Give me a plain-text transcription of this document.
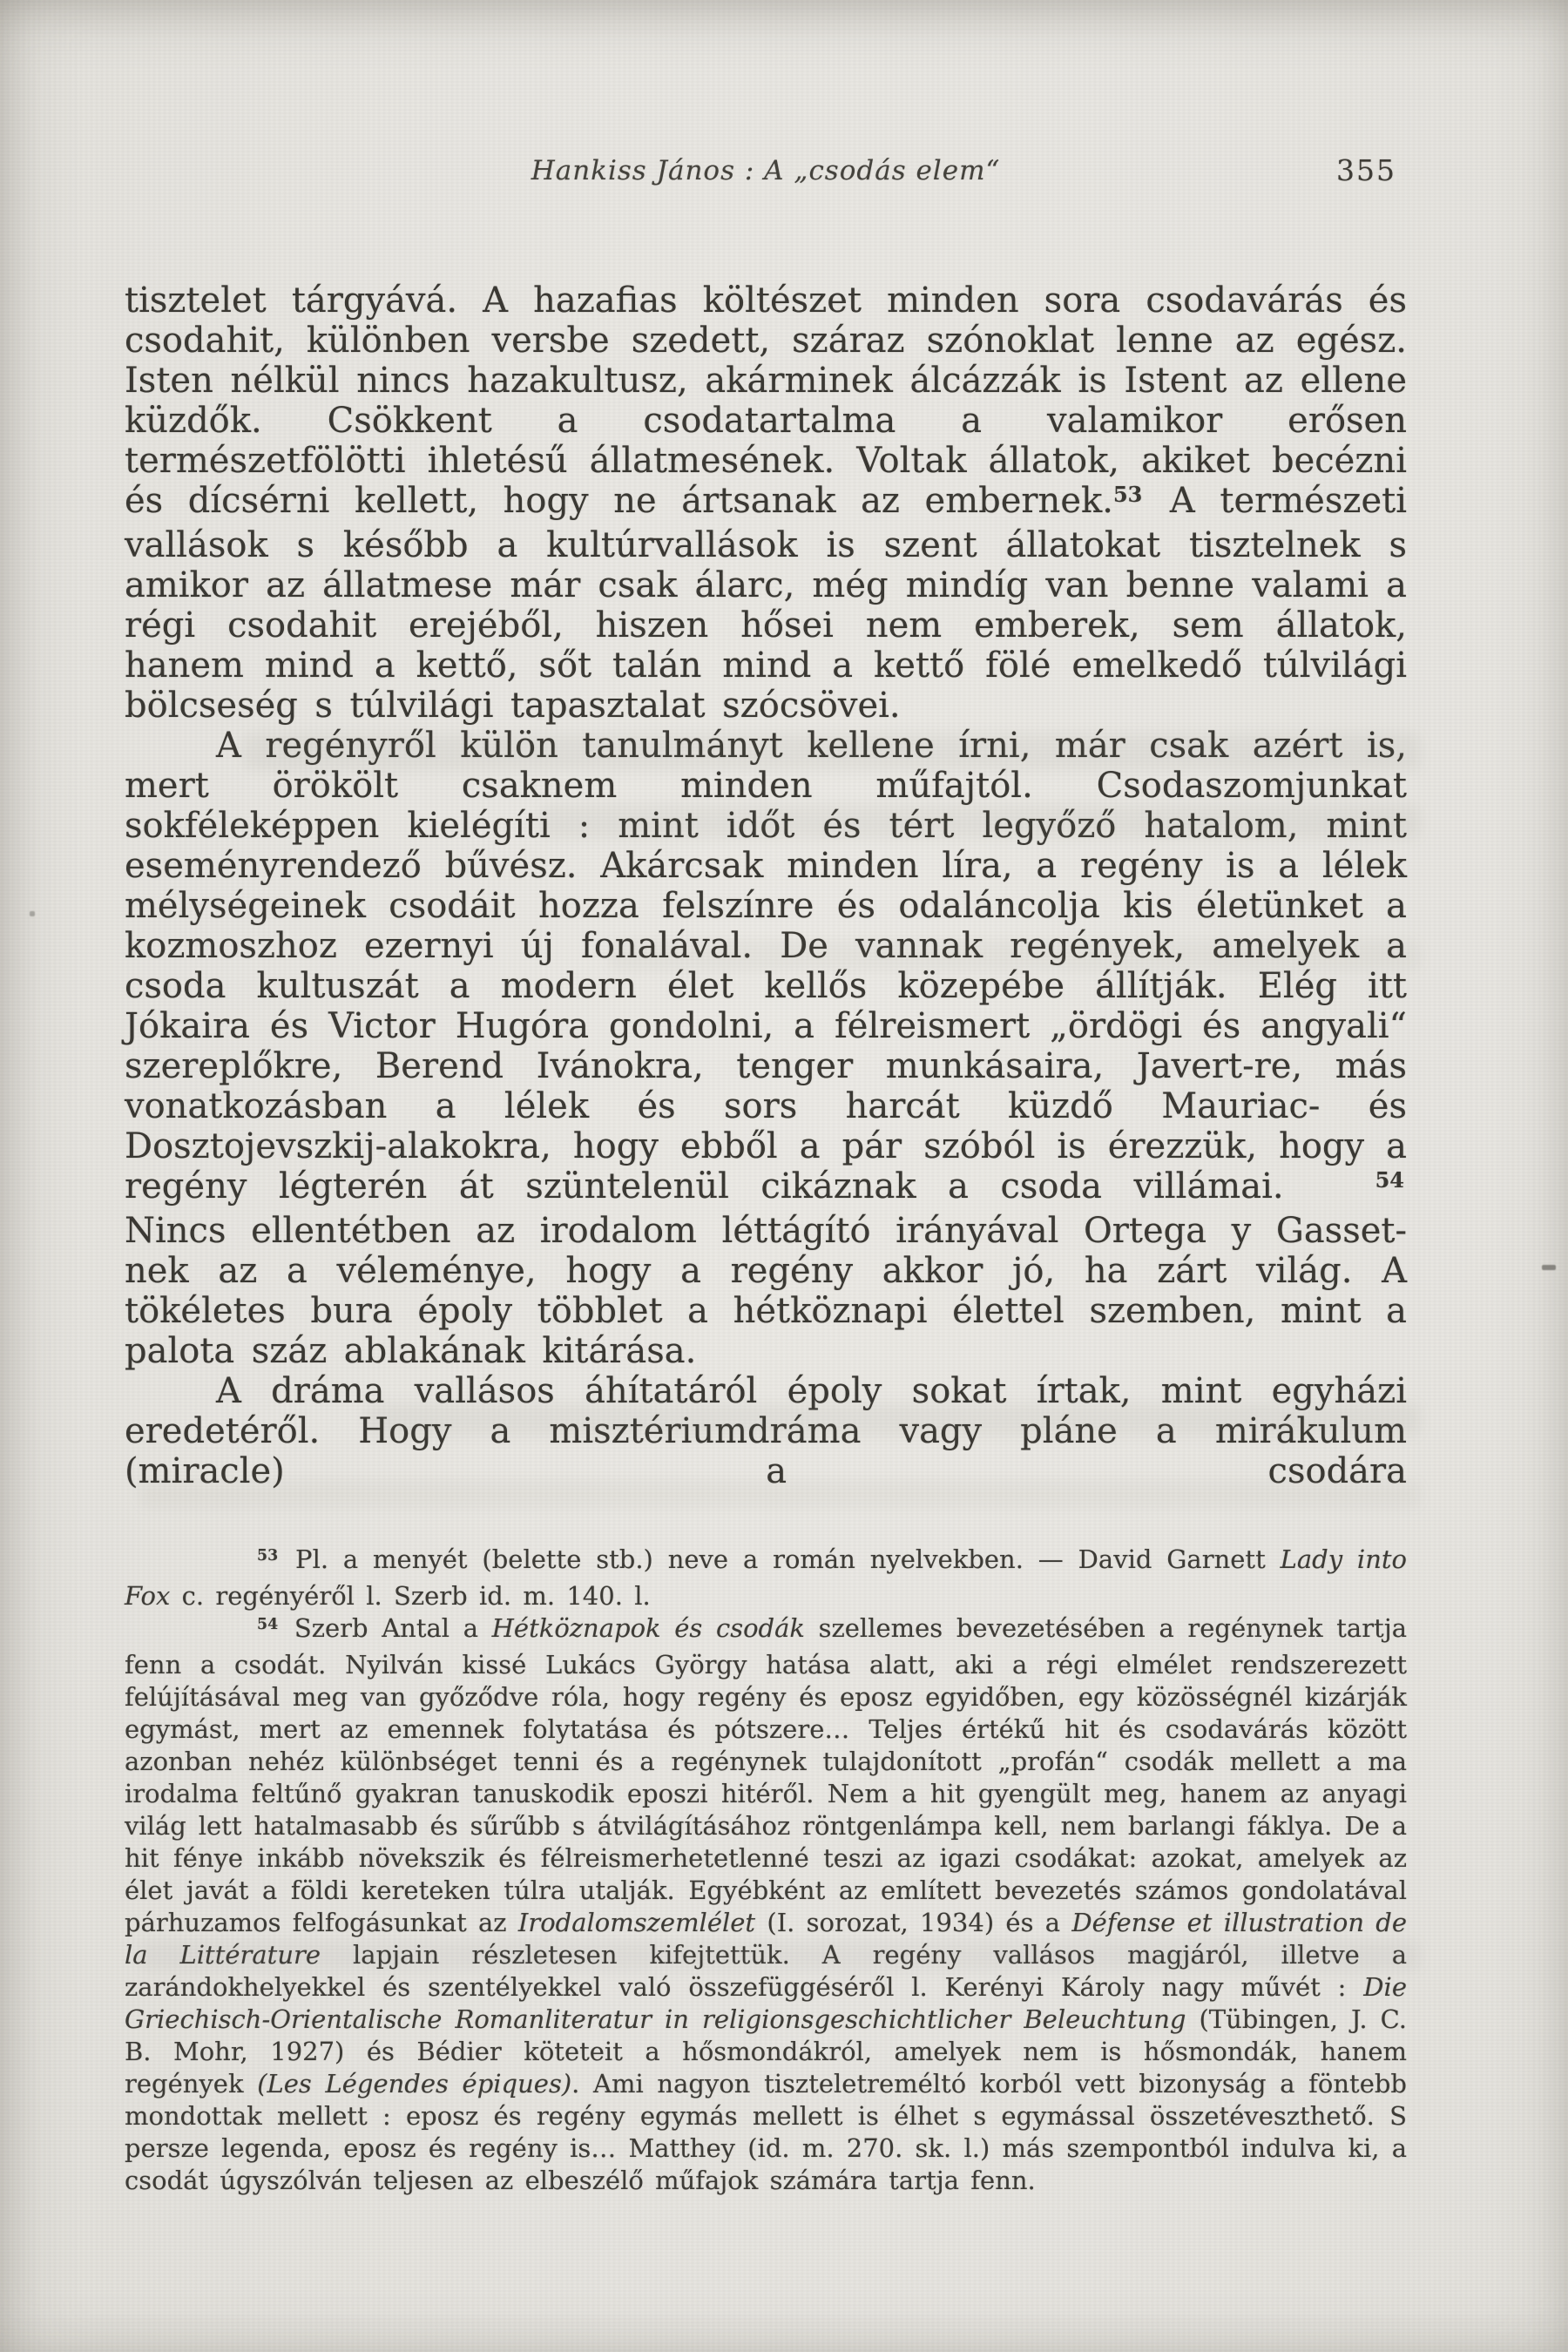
Hankiss János : A „csodás elem“	355

tisztelet tárgyává. A hazafias költészet minden sora csodavárás és csodahit, különben versbe szedett, száraz szónoklat lenne az egész. Isten nélkül nincs hazakultusz, akárminek álcázzák is Istent az ellene küzdők. Csökkent a csodatartalma a valamikor erősen természetfölötti ihletésű állatmesének. Voltak állatok, akiket becézni és dícsérni kellett, hogy ne ártsanak az embernek.53 A természeti vallások s később a kultúrvallások is szent állatokat tisztelnek s amikor az állatmese már csak álarc, még mindíg van benne valami a régi csodahit erejéből, hiszen hősei nem emberek, sem állatok, hanem mind a kettő, sőt talán mind a kettő fölé emelkedő túlvilági bölcseség s túlvilági tapasztalat szócsövei.

A regényről külön tanulmányt kellene írni, már csak azért is, mert örökölt csaknem minden műfajtól. Csodaszomjunkat sokféleképpen kielégíti : mint időt és tért legyőző hatalom, mint eseményrendező bűvész. Akárcsak minden líra, a regény is a lélek mélységeinek csodáit hozza felszínre és odaláncolja kis életünket a kozmoszhoz ezernyi új fonalával. De vannak regények, amelyek a csoda kultuszát a modern élet kellős közepébe állítják. Elég itt Jókaira és Victor Hugóra gondolni, a félreismert „ördögi és angyali“ szereplőkre, Berend Ivánokra, tenger munkásaira, Javert-re, más vonatkozásban a lélek és sors harcát küzdő Mauriac- és Dosztojevszkij-alakokra, hogy ebből a pár szóból is érezzük, hogy a regény légterén át szüntelenül cikáznak a csoda villámai.	54 Nincs ellentétben az irodalom léttágító irányával Ortega y Gasset-nek az a véleménye, hogy a regény akkor jó, ha zárt világ. A tökéletes bura époly többlet a hétköznapi élettel szemben, mint a palota száz ablakának kitárása.

A dráma vallásos áhítatáról époly sokat írtak, mint egyházi eredetéről. Hogy a misztériumdráma vagy pláne a mirákulum (miracle) a csodára

53 Pl. a menyét (belette stb.) neve a román nyelvekben. — David Garnett Lady into Fox c. regényéről l. Szerb id. m. 140. l.

54 Szerb Antal a Hétköznapok és csodák szellemes bevezetésében a regénynek tartja fenn a csodát. Nyilván kissé Lukács György hatása alatt, aki a régi elmélet rendszerezett felújításával meg van győződve róla, hogy regény és eposz egyidőben, egy közösségnél kizárják egymást, mert az emennek folytatása és pótszere… Teljes értékű hit és csodavárás között azonban nehéz különbséget tenni és a regénynek tulajdonított „profán“ csodák mellett a ma irodalma feltűnő gyakran tanuskodik eposzi hitéről. Nem a hit gyengült meg, hanem az anyagi világ lett hatalmasabb és sűrűbb s átvilágításához röntgenlámpa kell, nem barlangi fáklya. De a hit fénye inkább növekszik és félreismerhetetlenné teszi az igazi csodákat: azokat, amelyek az élet javát a földi kereteken túlra utalják. Egyébként az említett bevezetés számos gondolatával párhuzamos felfogásunkat az Irodalomszemlélet (I. sorozat, 1934) és a Défense et illustration de la Littérature lapjain részletesen kifejtettük. A regény vallásos magjáról, illetve a zarándokhelyekkel és szentélyekkel való összefüggéséről l. Kerényi Károly nagy művét : Die Griechisch-Orientalische Romanliteratur in religionsgeschichtlicher Beleuchtung (Tübingen, J. C. B. Mohr, 1927) és Bédier köteteit a hősmondákról, amelyek nem is hősmondák, hanem regények (Les Légendes épiques). Ami nagyon tiszteletreméltó korból vett bizonyság a föntebb mondottak mellett : eposz és regény egymás mellett is élhet s egymással összetéveszthető. S persze legenda, eposz és regény is… Matthey (id. m. 270. sk. l.) más szempontból indulva ki, a csodát úgyszólván teljesen az elbeszélő műfajok számára tartja fenn.
